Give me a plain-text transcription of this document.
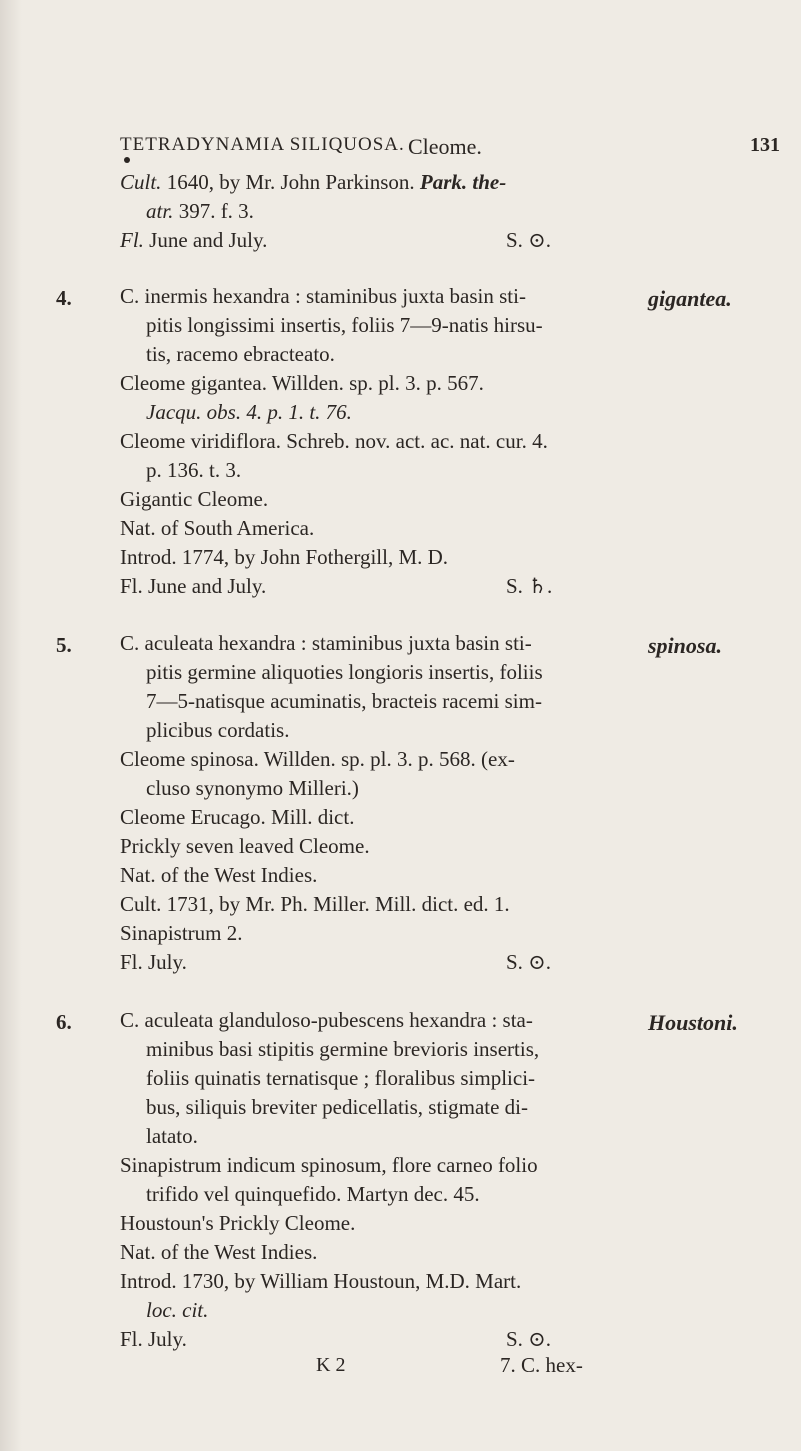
TETRADYNAMIA SILIQUOSA. Cleome.	131
Cult. 1640, by Mr. John Parkinson. Park. the-
atr. 397. f. 3.
Fl. June and July.	S. ⊙.
4.	gigantea.
C. inermis hexandra : staminibus juxta basin sti-
pitis longissimi insertis, foliis 7—9-natis hirsu-
tis, racemo ebracteato.
Cleome gigantea. Willden. sp. pl. 3. p. 567.
Jacqu. obs. 4. p. 1. t. 76.
Cleome viridiflora. Schreb. nov. act. ac. nat. cur. 4.
p. 136. t. 3.
Gigantic Cleome.
Nat. of South America.
Introd. 1774, by John Fothergill, M. D.
Fl. June and July.	S. ♄.
5.	spinosa.
C. aculeata hexandra : staminibus juxta basin sti-
pitis germine aliquoties longioris insertis, foliis
7—5-natisque acuminatis, bracteis racemi sim-
plicibus cordatis.
Cleome spinosa. Willden. sp. pl. 3. p. 568. (ex-
cluso synonymo Milleri.)
Cleome Erucago. Mill. dict.
Prickly seven leaved Cleome.
Nat. of the West Indies.
Cult. 1731, by Mr. Ph. Miller. Mill. dict. ed. 1.
Sinapistrum 2.
Fl. July.	S. ⊙.
6.	Houstoni.
C. aculeata glanduloso-pubescens hexandra : sta-
minibus basi stipitis germine brevioris insertis,
foliis quinatis ternatisque ; floralibus simplici-
bus, siliquis breviter pedicellatis, stigmate di-
latato.
Sinapistrum indicum spinosum, flore carneo folio
trifido vel quinquefido. Martyn dec. 45.
Houstoun's Prickly Cleome.
Nat. of the West Indies.
Introd. 1730, by William Houstoun, M.D. Mart.
loc. cit.
Fl. July.	S. ⊙.
K 2	7. C. hex-
